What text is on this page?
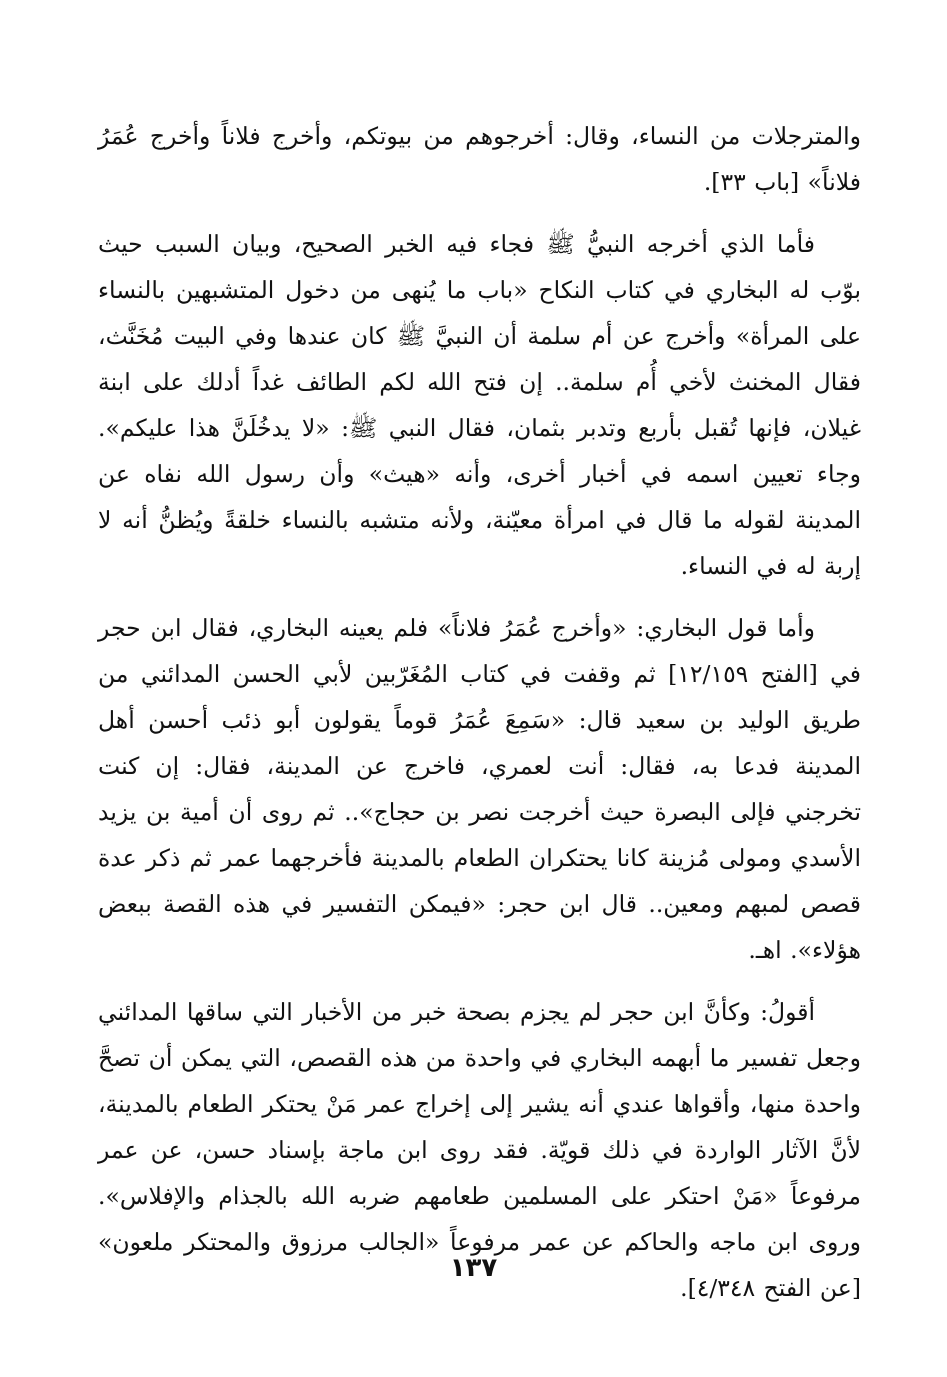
والمترجلات من النساء، وقال: أخرجوهم من بيوتكم، وأخرج فلاناً وأخرج عُمَرُ فلاناً» [باب ٣٣].

فأما الذي أخرجه النبيُّ ﷺ فجاء فيه الخبر الصحيح، وبيان السبب حيث بوّب له البخاري في كتاب النكاح «باب ما يُنهى من دخول المتشبهين بالنساء على المرأة» وأخرج عن أم سلمة أن النبيَّ ﷺ كان عندها وفي البيت مُخَنَّث، فقال المخنث لأخي أُم سلمة.. إن فتح الله لكم الطائف غداً أدلك على ابنة غيلان، فإنها تُقبل بأربع وتدبر بثمان، فقال النبي ﷺ: «لا يدخُلَنَّ هذا عليكم». وجاء تعيين اسمه في أخبار أخرى، وأنه «هيث» وأن رسول الله نفاه عن المدينة لقوله ما قال في امرأة معيّنة، ولأنه متشبه بالنساء خلقةً ويُظنُّ أنه لا إربة له في النساء.

وأما قول البخاري: «وأخرج عُمَرُ فلاناً» فلم يعينه البخاري، فقال ابن حجر في [الفتح ١٢/١٥٩] ثم وقفت في كتاب المُغَرّبين لأبي الحسن المدائني من طريق الوليد بن سعيد قال: «سَمِعَ عُمَرُ قوماً يقولون أبو ذئب أحسن أهل المدينة فدعا به، فقال: أنت لعمري، فاخرج عن المدينة، فقال: إن كنت تخرجني فإلى البصرة حيث أخرجت نصر بن حجاج».. ثم روى أن أمية بن يزيد الأسدي ومولى مُزينة كانا يحتكران الطعام بالمدينة فأخرجهما عمر ثم ذكر عدة قصص لمبهم ومعين.. قال ابن حجر: «فيمكن التفسير في هذه القصة ببعض هؤلاء». اهـ.

أقولُ: وكأنَّ ابن حجر لم يجزم بصحة خبر من الأخبار التي ساقها المدائني وجعل تفسير ما أبهمه البخاري في واحدة من هذه القصص، التي يمكن أن تصحَّ واحدة منها، وأقواها عندي أنه يشير إلى إخراج عمر مَنْ يحتكر الطعام بالمدينة، لأنَّ الآثار الواردة في ذلك قويّة. فقد روى ابن ماجة بإسناد حسن، عن عمر مرفوعاً «مَنْ احتكر على المسلمين طعامهم ضربه الله بالجذام والإفلاس». وروى ابن ماجه والحاكم عن عمر مرفوعاً «الجالب مرزوق والمحتكر ملعون» [عن الفتح ٤/٣٤٨].

١٣٧
